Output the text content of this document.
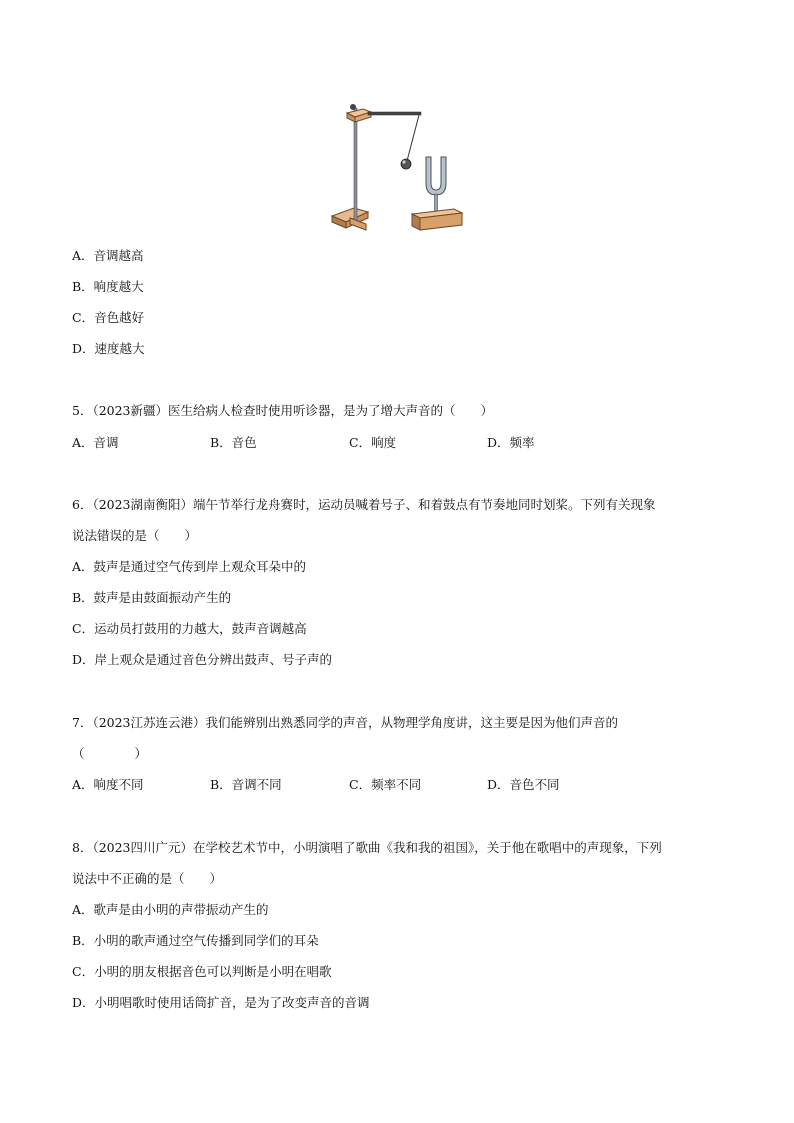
A．音调越高
B．响度越大
C．音色越好
D．速度越大
5．（2023新疆）医生给病人检查时使用听诊器，是为了增大声音的（　　）
A．音调	B．音色	C．响度	D．频率
6．（2023湖南衡阳）端午节举行龙舟赛时，运动员喊着号子、和着鼓点有节奏地同时划桨。下列有关现象
说法错误的是（　　）
A．鼓声是通过空气传到岸上观众耳朵中的
B．鼓声是由鼓面振动产生的
C．运动员打鼓用的力越大，鼓声音调越高
D．岸上观众是通过音色分辨出鼓声、号子声的
7．（2023江苏连云港）我们能辨别出熟悉同学的声音，从物理学角度讲，这主要是因为他们声音的
（　　　　）
A．响度不同	B．音调不同	C．频率不同	D．音色不同
8．（2023四川广元）在学校艺术节中，小明演唱了歌曲《我和我的祖国》，关于他在歌唱中的声现象，下列
说法中不正确的是（　　）
A．歌声是由小明的声带振动产生的
B．小明的歌声通过空气传播到同学们的耳朵
C．小明的朋友根据音色可以判断是小明在唱歌
D．小明唱歌时使用话筒扩音，是为了改变声音的音调
